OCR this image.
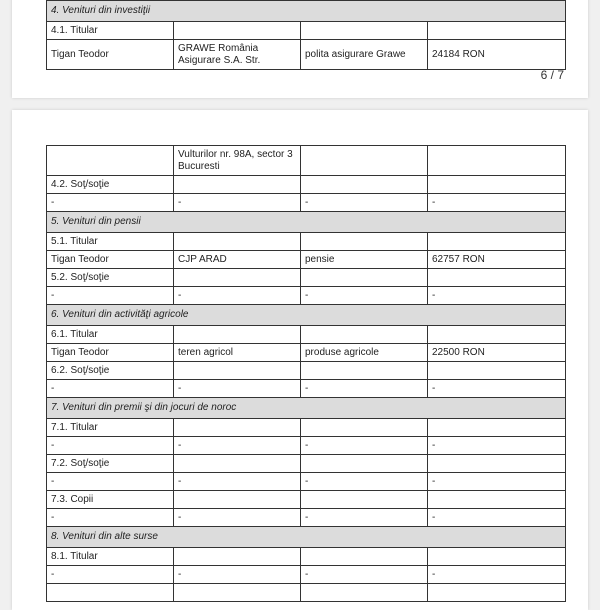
4. Venituri din investiţii			
4.1. Titular			
Tigan Teodor	GRAWE România Asigurare S.A. Str.	polita asigurare Grawe	24184 RON
6 / 7
	Vulturilor nr. 98A, sector 3 Bucuresti		
4.2. Soţ/soţie			
-	-	-	-
5. Venituri din pensii			
5.1. Titular			
Tigan Teodor	CJP ARAD	pensie	62757 RON
5.2. Soţ/soţie			
-	-	-	-
6. Venituri din activităţi agricole			
6.1. Titular			
Tigan Teodor	teren agricol	produse agricole	22500 RON
6.2. Soţ/soţie			
-	-	-	-
7. Venituri din premii şi din jocuri de noroc			
7.1. Titular			
-	-	-	-
7.2. Soţ/soţie			
-	-	-	-
7.3. Copii			
-	-	-	-
8. Venituri din alte surse			
8.1. Titular			
-	-	-	-
